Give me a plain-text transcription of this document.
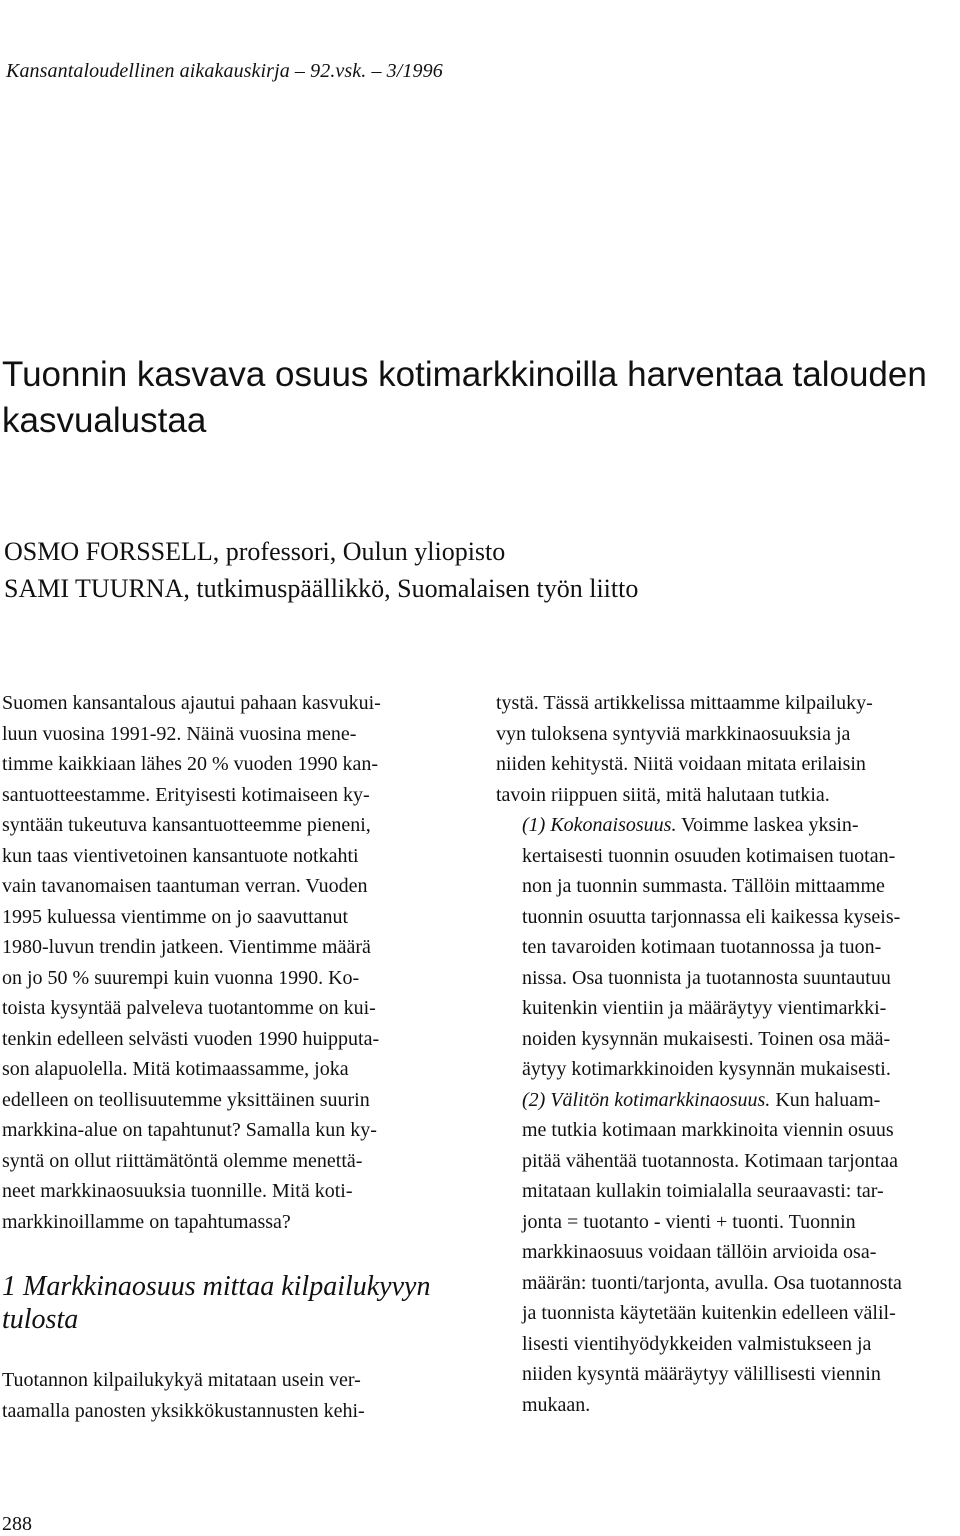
Kansantaloudellinen aikakauskirja – 92.vsk. – 3/1996
Tuonnin kasvava osuus kotimarkkinoilla harventaa talouden kasvualustaa
OSMO FORSSELL, professori, Oulun yliopisto
SAMI TUURNA, tutkimuspäällikkö, Suomalaisen työn liitto

Suomen kansantalous ajautui pahaan kasvukui-
luun vuosina 1991-92. Näinä vuosina mene-
timme kaikkiaan lähes 20 % vuoden 1990 kan-
santuotteestamme. Erityisesti kotimaiseen ky-
syntään tukeutuva kansantuotteemme pieneni,
kun taas vientivetoinen kansantuote notkahti
vain tavanomaisen taantuman verran. Vuoden
1995 kuluessa vientimme on jo saavuttanut
1980-luvun trendin jatkeen. Vientimme määrä
on jo 50 % suurempi kuin vuonna 1990. Ko-
toista kysyntää palveleva tuotantomme on kui-
tenkin edelleen selvästi vuoden 1990 huipputa-
son alapuolella. Mitä kotimaassamme, joka
edelleen on teollisuutemme yksittäinen suurin
markkina-alue on tapahtunut? Samalla kun ky-
syntä on ollut riittämätöntä olemme menettä-
neet markkinaosuuksia tuonnille. Mitä koti-
markkinoillamme on tapahtumassa?

1 Markkinaosuus mittaa kilpailukyvyn
tulosta

Tuotannon kilpailukykyä mitataan usein ver-
taamalla panosten yksikkökustannusten kehi-

tystä. Tässä artikkelissa mittaamme kilpailuky-
vyn tuloksena syntyviä markkinaosuuksia ja
niiden kehitystä. Niitä voidaan mitata erilaisin
tavoin riippuen siitä, mitä halutaan tutkia.

(1) Kokonaisosuus. Voimme laskea yksin-
kertaisesti tuonnin osuuden kotimaisen tuotan-
non ja tuonnin summasta. Tällöin mittaamme
tuonnin osuutta tarjonnassa eli kaikessa kyseis-
ten tavaroiden kotimaan tuotannossa ja tuon-
nissa. Osa tuonnista ja tuotannosta suuntautuu
kuitenkin vientiin ja määräytyy vientimarkki-
noiden kysynnän mukaisesti. Toinen osa mää-
äytyy kotimarkkinoiden kysynnän mukaisesti.

(2) Välitön kotimarkkinaosuus. Kun haluam-
me tutkia kotimaan markkinoita viennin osuus
pitää vähentää tuotannosta. Kotimaan tarjontaa
mitataan kullakin toimialalla seuraavasti: tar-
jonta = tuotanto - vienti + tuonti. Tuonnin
markkinaosuus voidaan tällöin arvioida osa-
määrän: tuonti/tarjonta, avulla. Osa tuotannosta
ja tuonnista käytetään kuitenkin edelleen välil-
lisesti vientihyödykkeiden valmistukseen ja
niiden kysyntä määräytyy välillisesti viennin
mukaan.

288
